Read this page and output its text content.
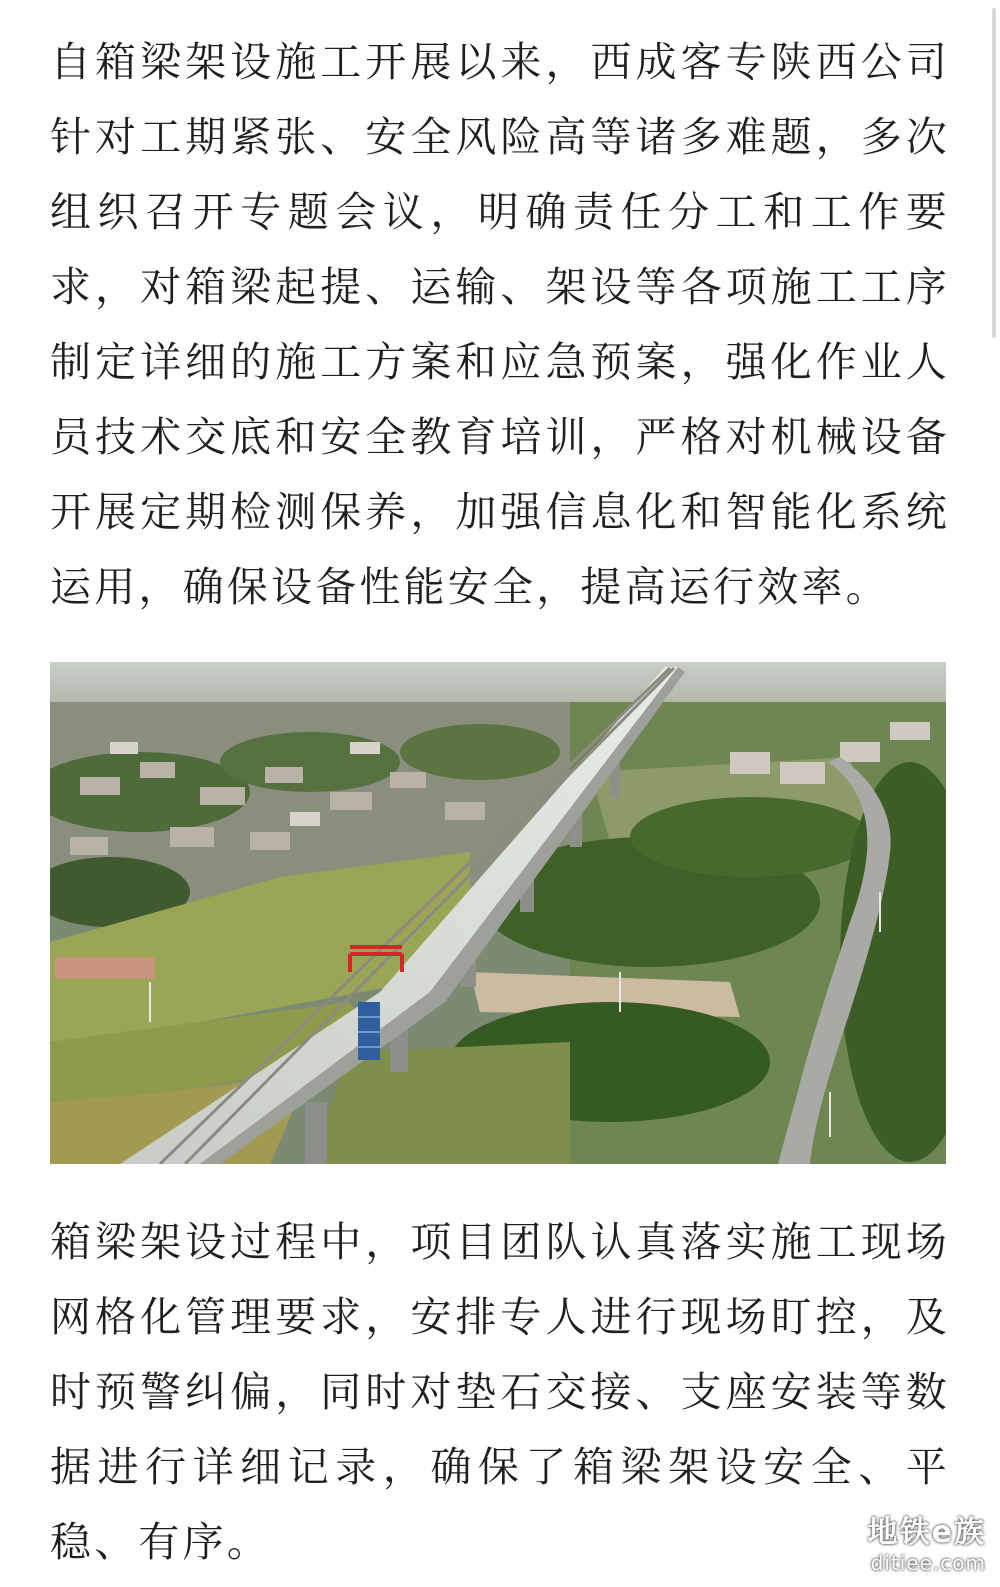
自箱梁架设施工开展以来，西成客专陕西公司针对工期紧张、安全风险高等诸多难题，多次组织召开专题会议，明确责任分工和工作要求，对箱梁起提、运输、架设等各项施工工序制定详细的施工方案和应急预案，强化作业人员技术交底和安全教育培训，严格对机械设备开展定期检测保养，加强信息化和智能化系统运用，确保设备性能安全，提高运行效率。

箱梁架设过程中，项目团队认真落实施工现场网格化管理要求，安排专人进行现场盯控，及时预警纠偏，同时对垫石交接、支座安装等数据进行详细记录，确保了箱梁架设安全、平稳、有序。	地铁e族
ditiee.com
